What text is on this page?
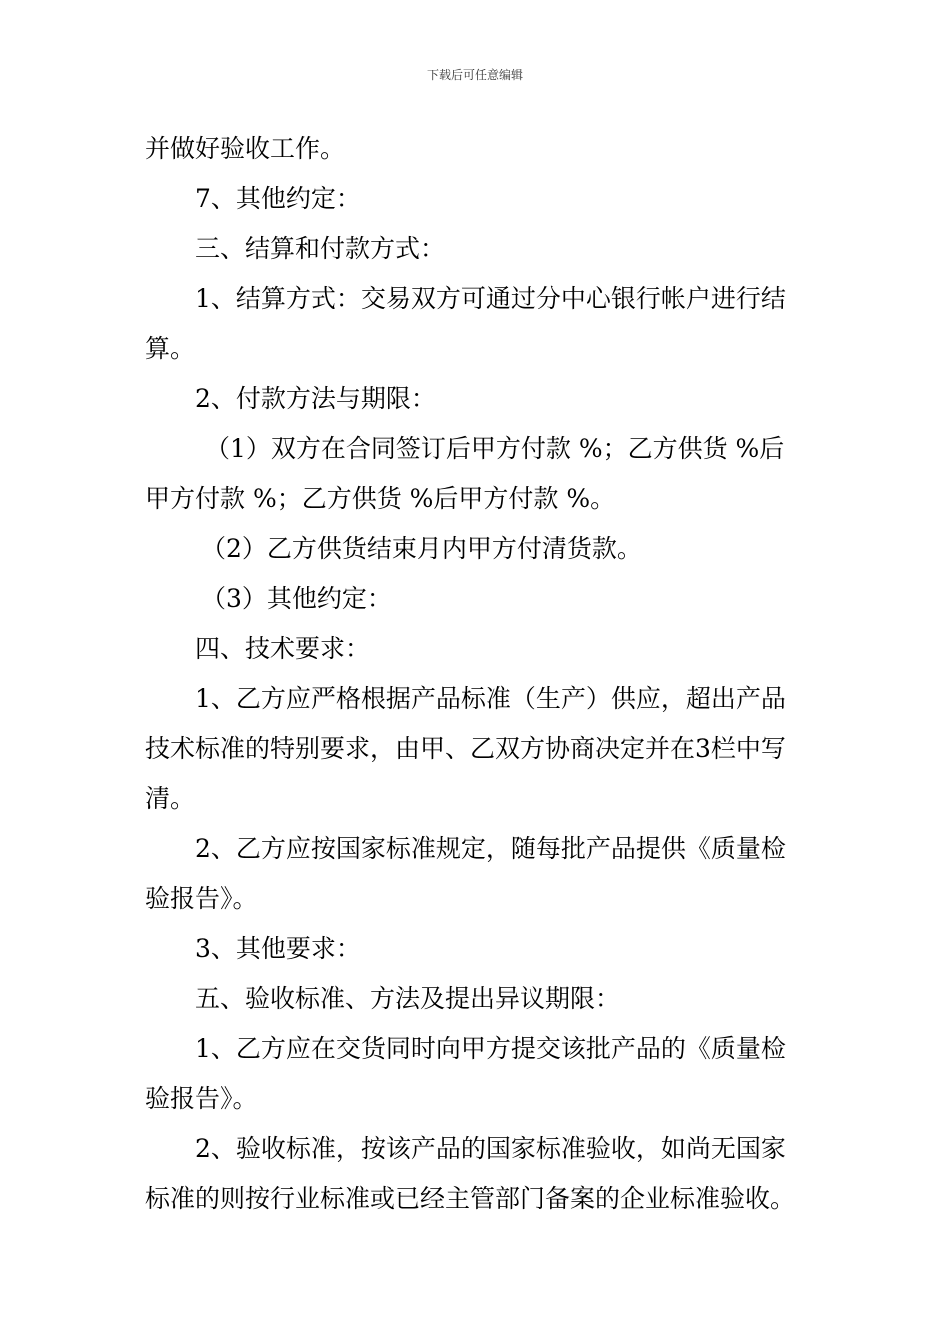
下载后可任意编辑
并做好验收工作。
7、其他约定：
三、结算和付款方式：
1、结算方式：交易双方可通过分中心银行帐户进行结
算。
2、付款方法与期限：
（1）双方在合同签订后甲方付款 %；乙方供货 %后
甲方付款 %；乙方供货 %后甲方付款 %。
（2）乙方供货结束月内甲方付清货款。
（3）其他约定：
四、技术要求：
1、乙方应严格根据产品标准（生产）供应，超出产品
技术标准的特别要求，由甲、乙双方协商决定并在3栏中写
清。
2、乙方应按国家标准规定，随每批产品提供《质量检
验报告》。
3、其他要求：
五、验收标准、方法及提出异议期限：
1、乙方应在交货同时向甲方提交该批产品的《质量检
验报告》。
2、验收标准，按该产品的国家标准验收，如尚无国家
标准的则按行业标准或已经主管部门备案的企业标准验收。
